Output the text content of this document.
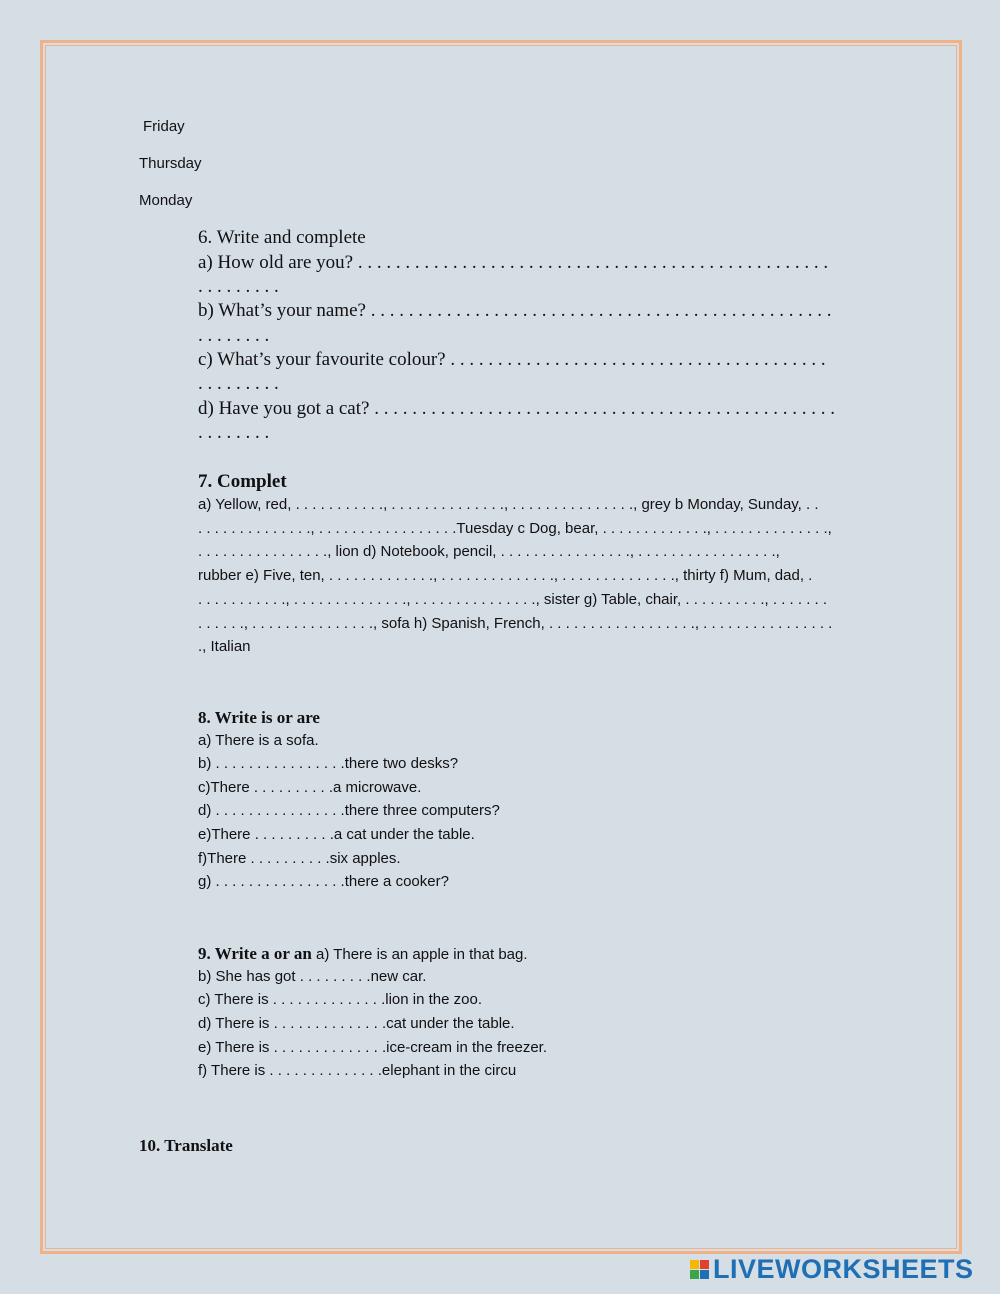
Friday
Thursday
Monday
6. Write and complete
a) How old are you? . . . . . . . . . . . . . . . . . . . . . . . . . . . . . . . . . . . . . . . . . . . . . . . . . .
. . . . . . . . .
b) What’s your name? . . . . . . . . . . . . . . . . . . . . . . . . . . . . . . . . . . . . . . . . . . . . . . . . .
. . . . . . . .
c) What’s your favourite colour? . . . . . . . . . . . . . . . . . . . . . . . . . . . . . . . . . . . . . . . .
. . . . . . . . .
d) Have you got a cat? . . . . . . . . . . . . . . . . . . . . . . . . . . . . . . . . . . . . . . . . . . . . . . . . .
. . . . . . . .
7. Complet
a) Yellow, red, . . . . . . . . . . ., . . . . . . . . . . . . . ., . . . . . . . . . . . . . . ., grey b Monday, Sunday, . .
. . . . . . . . . . . . . ., . . . . . . . . . . . . . . . . .Tuesday c Dog, bear, . . . . . . . . . . . . ., . . . . . . . . . . . . . .,
. . . . . . . . . . . . . . . ., lion d) Notebook, pencil, . . . . . . . . . . . . . . . ., . . . . . . . . . . . . . . . . .,
rubber e) Five, ten, . . . . . . . . . . . . ., . . . . . . . . . . . . . ., . . . . . . . . . . . . . ., thirty f) Mum, dad, .
. . . . . . . . . . ., . . . . . . . . . . . . . ., . . . . . . . . . . . . . . ., sister g) Table, chair, . . . . . . . . . ., . . . . . . .
. . . . . ., . . . . . . . . . . . . . . ., sofa h) Spanish, French, . . . . . . . . . . . . . . . . . ., . . . . . . . . . . . . . . . .
., Italian
8. Write is or are
a) There is a sofa.
b) . . . . . . . . . . . . . . . .there two desks?
c)There . . . . . . . . . .a microwave.
d) . . . . . . . . . . . . . . . .there three computers?
e)There . . . . . . . . . .a cat under the table.
f)There . . . . . . . . . .six apples.
g) . . . . . . . . . . . . . . . .there a cooker?
9. Write a or an a) There is an apple in that bag.
b) She has got . . . . . . . . .new car.
c) There is . . . . . . . . . . . . . .lion in the zoo.
d) There is . . . . . . . . . . . . . .cat under the table.
e) There is . . . . . . . . . . . . . .ice-cream in the freezer.
f) There is . . . . . . . . . . . . . .elephant in the circu
10. Translate
LIVEWORKSHEETS
